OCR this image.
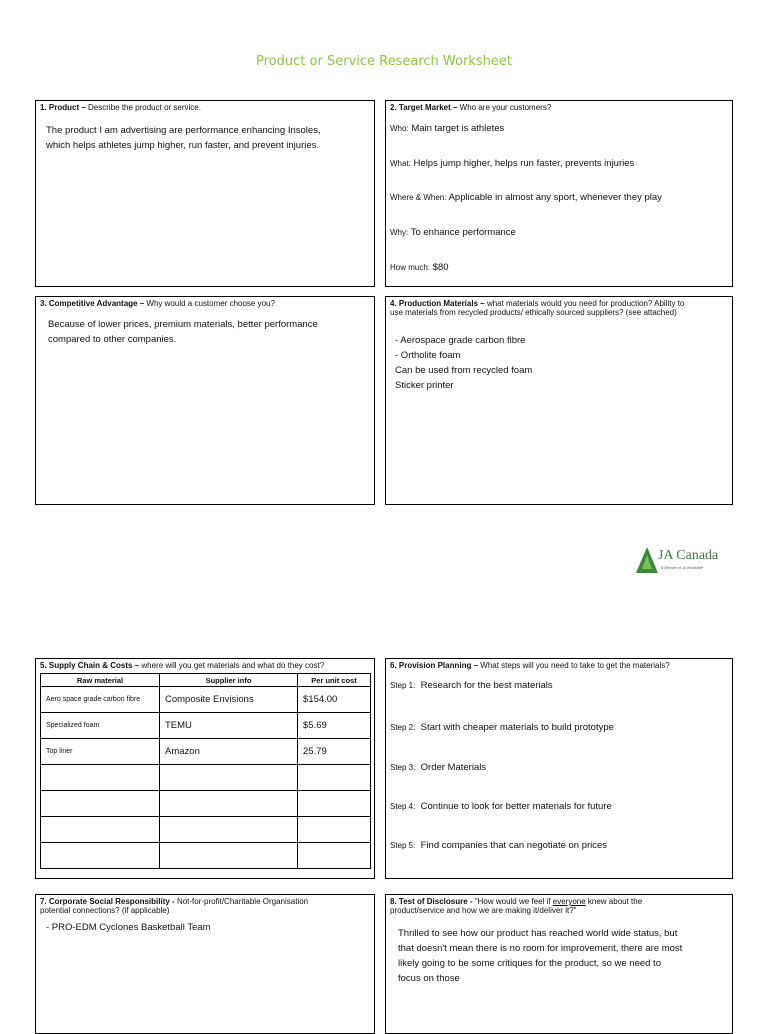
Product or Service Research Worksheet
1. Product – Describe the product or service.
The product I am advertising are performance enhancing Insoles,
which helps athletes jump higher, run faster, and prevent injuries.
2. Target Market – Who are your customers?
Who: Main target is athletes
What: Helps jump higher, helps run faster, prevents injuries
Where & When: Applicable in almost any sport, whenever they play
Why: To enhance performance
How much: $80
3. Competitive Advantage – Why would a customer choose you?
Because of lower prices, premium materials, better performance
compared to other companies.
4. Production Materials – what materials would you need for production? Ability to
use materials from recycled products/ ethically sourced suppliers? (see attached)
- Aerospace grade carbon fibre
- Ortholite foam
Can be used from recycled foam
Sticker printer
JA Canada
A Member of JA Worldwide
5. Supply Chain & Costs – where will you get materials and what do they cost?
Raw material	Supplier info	Per unit cost
Aero space grade carbon fibre	Composite Envisions	$154.00
Specialized foam	TEMU	$5.69
Top liner	Amazon	25.79

6. Provision Planning – What steps will you need to take to get the materials?
Step 1: Research for the best materials
Step 2: Start with cheaper materials to build prototype
Step 3: Order Materials
Step 4: Continue to look for better materials for future
Step 5: Find companies that can negotiate on prices
7. Corporate Social Responsibility - Not-for-profit/Charitable Organisation
potential connections? (if applicable)
- PRO-EDM Cyclones Basketball Team
8. Test of Disclosure - "How would we feel if everyone knew about the
product/service and how we are making it/deliver it?"
Thrilled to see how our product has reached world wide status, but
that doesn't mean there is no room for improvement, there are most
likely going to be some critiques for the product, so we need to
focus on those
